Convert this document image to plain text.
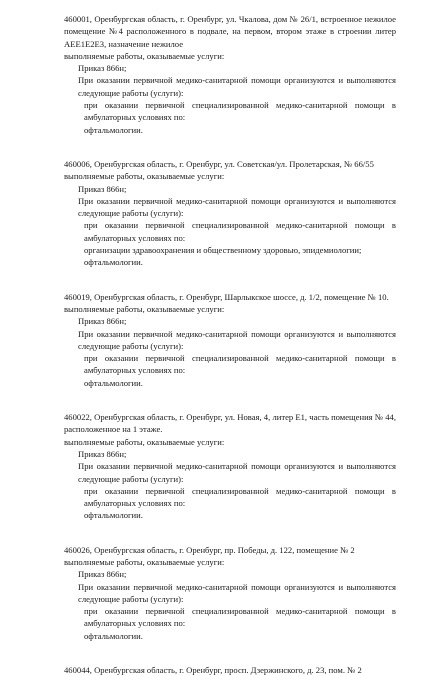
460001, Оренбургская область, г. Оренбург, ул. Чкалова, дом № 26/1, встроенное нежилое помещение №4 расположенного в подвале, на первом, втором этаже в строении литер АЕЕ1Е2Е3, назначение нежилое

выполняемые работы, оказываемые услуги:

Приказ 866н;

При оказании первичной медико-санитарной помощи организуются и выполняются следующие работы (услуги):

при оказании первичной специализированной медико-санитарной помощи в амбулаторных условиях по:

офтальмологии.

460006, Оренбургская область, г. Оренбург, ул. Советская/ул. Пролетарская, № 66/55

выполняемые работы, оказываемые услуги:

Приказ 866н;

При оказании первичной медико-санитарной помощи организуются и выполняются следующие работы (услуги):

при оказании первичной специализированной медико-санитарной помощи в амбулаторных условиях по:

организации здравоохранения и общественному здоровью, эпидемиологии;

офтальмологии.

460019, Оренбургская область, г. Оренбург, Шарлыкское шоссе, д. 1/2, помещение № 10.

выполняемые работы, оказываемые услуги:

Приказ 866н;

При оказании первичной медико-санитарной помощи организуются и выполняются следующие работы (услуги):

при оказании первичной специализированной медико-санитарной помощи в амбулаторных условиях по:

офтальмологии.

460022, Оренбургская область, г. Оренбург, ул. Новая, 4, литер Е1, часть помещения № 44, расположенное на 1 этаже.

выполняемые работы, оказываемые услуги:

Приказ 866н;

При оказании первичной медико-санитарной помощи организуются и выполняются следующие работы (услуги):

при оказании первичной специализированной медико-санитарной помощи в амбулаторных условиях по:

офтальмологии.

460026, Оренбургская область, г. Оренбург, пр. Победы, д. 122, помещение № 2

выполняемые работы, оказываемые услуги:

Приказ 866н;

При оказании первичной медико-санитарной помощи организуются и выполняются следующие работы (услуги):

при оказании первичной специализированной медико-санитарной помощи в амбулаторных условиях по:

офтальмологии.

460044, Оренбургская область, г. Оренбург, просп. Дзержинского, д. 23, пом. № 2
